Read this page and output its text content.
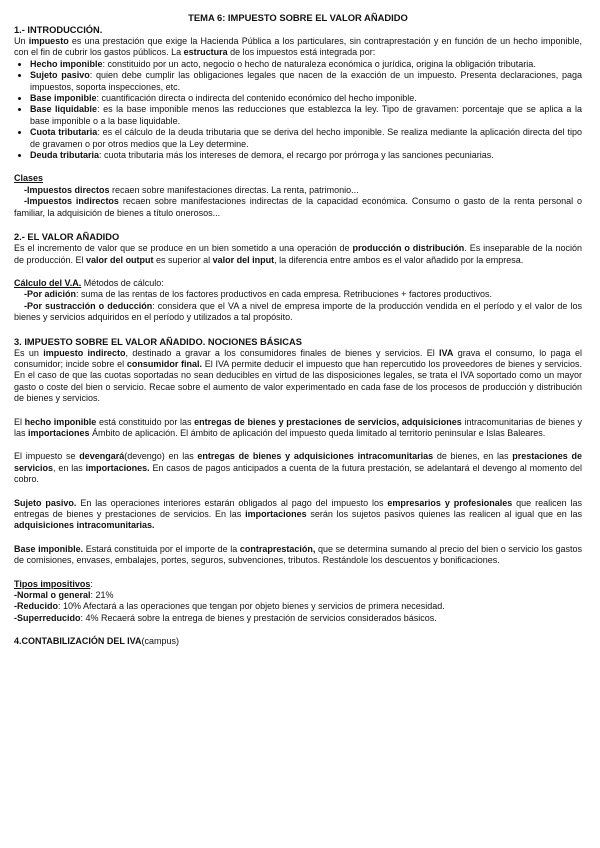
TEMA 6: IMPUESTO SOBRE EL VALOR AÑADIDO

1.- INTRODUCCIÓN.

Un impuesto es una prestación que exige la Hacienda Pública a los particulares, sin contraprestación y en función de un hecho imponible, con el fin de cubrir los gastos públicos. La estructura de los impuestos está integrada por:

• Hecho imponible: constituido por un acto, negocio o hecho de naturaleza económica o jurídica, origina la obligación tributaria.
• Sujeto pasivo: quien debe cumplir las obligaciones legales que nacen de la exacción de un impuesto. Presenta declaraciones, paga impuestos, soporta inspecciones, etc.
• Base imponible: cuantificación directa o indirecta del contenido económico del hecho imponible.
• Base liquidable: es la base imponible menos las reducciones que establezca la ley. Tipo de gravamen: porcentaje que se aplica a la base imponible o a la base liquidable.
• Cuota tributaria: es el cálculo de la deuda tributaria que se deriva del hecho imponible. Se realiza mediante la aplicación directa del tipo de gravamen o por otros medios que la Ley determine.
• Deuda tributaria: cuota tributaria más los intereses de demora, el recargo por prórroga y las sanciones pecuniarias.

Clases

-Impuestos directos recaen sobre manifestaciones directas. La renta, patrimonio...

-Impuestos indirectos recaen sobre manifestaciones indirectas de la capacidad económica. Consumo o gasto de la renta personal o familiar, la adquisición de bienes a título onerosos...

2.- EL VALOR AÑADIDO

Es el incremento de valor que se produce en un bien sometido a una operación de producción o distribución. Es inseparable de la noción de producción. El valor del output es superior al valor del input, la diferencia entre ambos es el valor añadido por la empresa.

Cálculo del V.A. Métodos de cálculo:

-Por adición: suma de las rentas de los factores productivos en cada empresa. Retribuciones + factores productivos.

-Por sustracción o deducción: considera que el VA a nivel de empresa importe de la producción vendida en el período y el valor de los bienes y servicios adquiridos en el período y utilizados a tal propósito.

3. IMPUESTO SOBRE EL VALOR AÑADIDO. NOCIONES BÁSICAS

Es un impuesto indirecto, destinado a gravar a los consumidores finales de bienes y servicios. El IVA grava el consumo, lo paga el consumidor; incide sobre el consumidor final. El IVA permite deducir el impuesto que han repercutido los proveedores de bienes y servicios. En el caso de que las cuotas soportadas no sean deducibles en virtud de las disposiciones legales, se trata el IVA soportado como un mayor gasto o coste del bien o servicio. Recae sobre el aumento de valor experimentado en cada fase de los procesos de producción y distribución de bienes y servicios.

El hecho imponible está constituido por las entregas de bienes y prestaciones de servicios, adquisiciones intracomunitarias de bienes y las importaciones Ámbito de aplicación. El ámbito de aplicación del impuesto queda limitado al territorio peninsular e Islas Baleares.

El impuesto se devengará(devengo) en las entregas de bienes y adquisiciones intracomunitarias de bienes, en las prestaciones de servicios, en las importaciones. En casos de pagos anticipados a cuenta de la futura prestación, se adelantará el devengo al momento del cobro.

Sujeto pasivo. En las operaciones interiores estarán obligados al pago del impuesto los empresarios y profesionales que realicen las entregas de bienes y prestaciones de servicios. En las importaciones serán los sujetos pasivos quienes las realicen al igual que en las adquisiciones intracomunitarias.

Base imponible. Estará constituida por el importe de la contraprestación, que se determina sumando al precio del bien o servicio los gastos de comisiones, envases, embalajes, portes, seguros, subvenciones, tributos. Restándole los descuentos y bonificaciones.

Tipos impositivos:

-Normal o general: 21%

-Reducido: 10% Afectará a las operaciones que tengan por objeto bienes y servicios de primera necesidad.

-Superreducido: 4% Recaerá sobre la entrega de bienes y prestación de servicios considerados básicos.

4.CONTABILIZACIÓN DEL IVA(campus)
